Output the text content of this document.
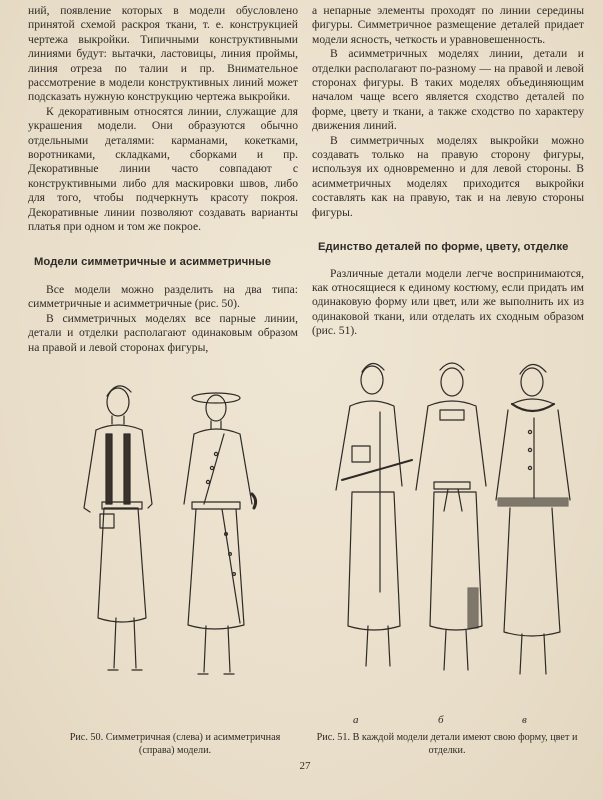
ний, появление которых в модели обусловлено принятой схемой раскроя ткани, т. е. конструкцией чертежа выкройки. Типичными конструктивными линиями будут: вытачки, ластовицы, линия проймы, линия отреза по талии и пр. Внимательное рассмотрение в модели конструктивных линий может подсказать нужную конструкцию чертежа выкройки.

К декоративным относятся линии, служащие для украшения модели. Они образуются обычно отдельными деталями: карманами, кокетками, воротниками, складками, сборками и пр. Декоративные линии часто совпадают с конструктивными либо для маскировки швов, либо для того, чтобы подчеркнуть красоту покроя. Декоративные линии позволяют создавать варианты платья при одном и том же покрое.

Модели симметричные и асимметричные

Все модели можно разделить на два типа: симметричные и асимметричные (рис. 50).

В симметричных моделях все парные линии, детали и отделки располагают одинаковым образом на правой и левой сторонах фигуры,

а непарные элементы проходят по линии середины фигуры. Симметричное размещение деталей придает модели ясность, четкость и уравновешенность.

В асимметричных моделях линии, детали и отделки располагают по-разному — на правой и левой сторонах фигуры. В таких моделях объединяющим началом чаще всего является сходство деталей по форме, цвету и ткани, а также сходство по характеру движения линий.

В симметричных моделях выкройки можно создавать только на правую сторону фигуры, используя их одновременно и для левой стороны. В асимметричных моделях приходится выкройки составлять как на правую, так и на левую стороны фигуры.

Единство деталей по форме, цвету, отделке

Различные детали модели легче воспринимаются, как относящиеся к единому костюму, если придать им одинаковую форму или цвет, или же выполнить их из одинаковой ткани, или отделать их сходным образом (рис. 51).

а	б	в
Рис. 50. Симметричная (слева) и асимметричная (справа) модели.
Рис. 51. В каждой модели детали имеют свою форму, цвет и отделки.
27
